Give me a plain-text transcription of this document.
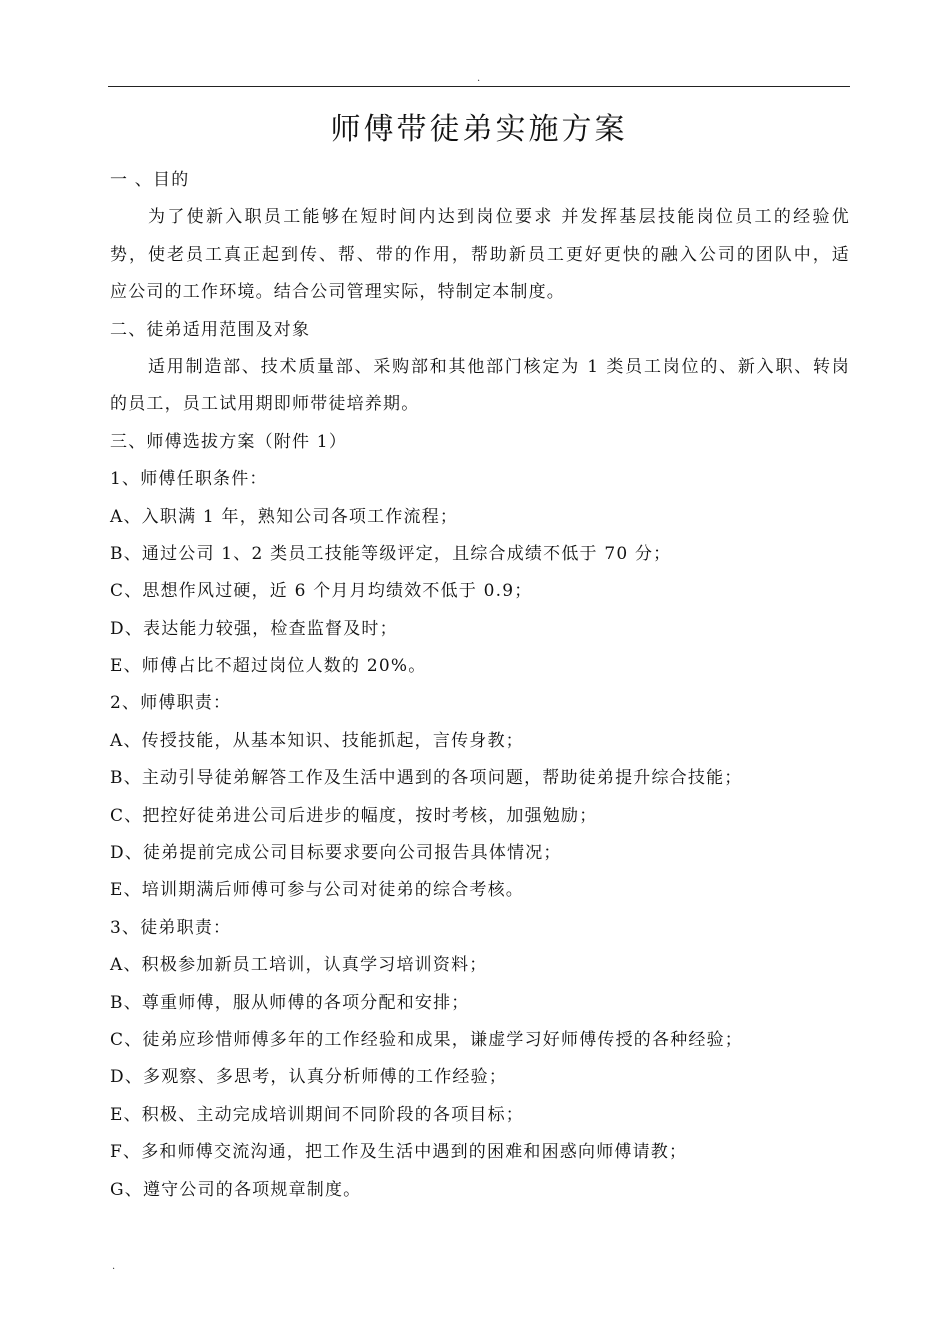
.
师傅带徒弟实施方案
一 、目的
为了使新入职员工能够在短时间内达到岗位要求 并发挥基层技能岗位员工的经验优
势，使老员工真正起到传、帮、带的作用，帮助新员工更好更快的融入公司的团队中，适
应公司的工作环境。结合公司管理实际，特制定本制度。
二、徒弟适用范围及对象
适用制造部、技术质量部、采购部和其他部门核定为 1 类员工岗位的、新入职、转岗
的员工，员工试用期即师带徒培养期。
三、师傅选拔方案（附件 1）
1、师傅任职条件：
A、入职满 1 年，熟知公司各项工作流程；
B、通过公司 1、2 类员工技能等级评定，且综合成绩不低于 70 分；
C、思想作风过硬，近 6 个月月均绩效不低于 0.9；
D、表达能力较强，检查监督及时；
E、师傅占比不超过岗位人数的 20%。
2、师傅职责：
A、传授技能，从基本知识、技能抓起，言传身教；
B、主动引导徒弟解答工作及生活中遇到的各项问题，帮助徒弟提升综合技能；
C、把控好徒弟进公司后进步的幅度，按时考核，加强勉励；
D、徒弟提前完成公司目标要求要向公司报告具体情况；
E、培训期满后师傅可参与公司对徒弟的综合考核。
3、徒弟职责：
A、积极参加新员工培训，认真学习培训资料；
B、尊重师傅，服从师傅的各项分配和安排；
C、徒弟应珍惜师傅多年的工作经验和成果，谦虚学习好师傅传授的各种经验；
D、多观察、多思考，认真分析师傅的工作经验；
E、积极、主动完成培训期间不同阶段的各项目标；
F、多和师傅交流沟通，把工作及生活中遇到的困难和困惑向师傅请教；
G、遵守公司的各项规章制度。
.
